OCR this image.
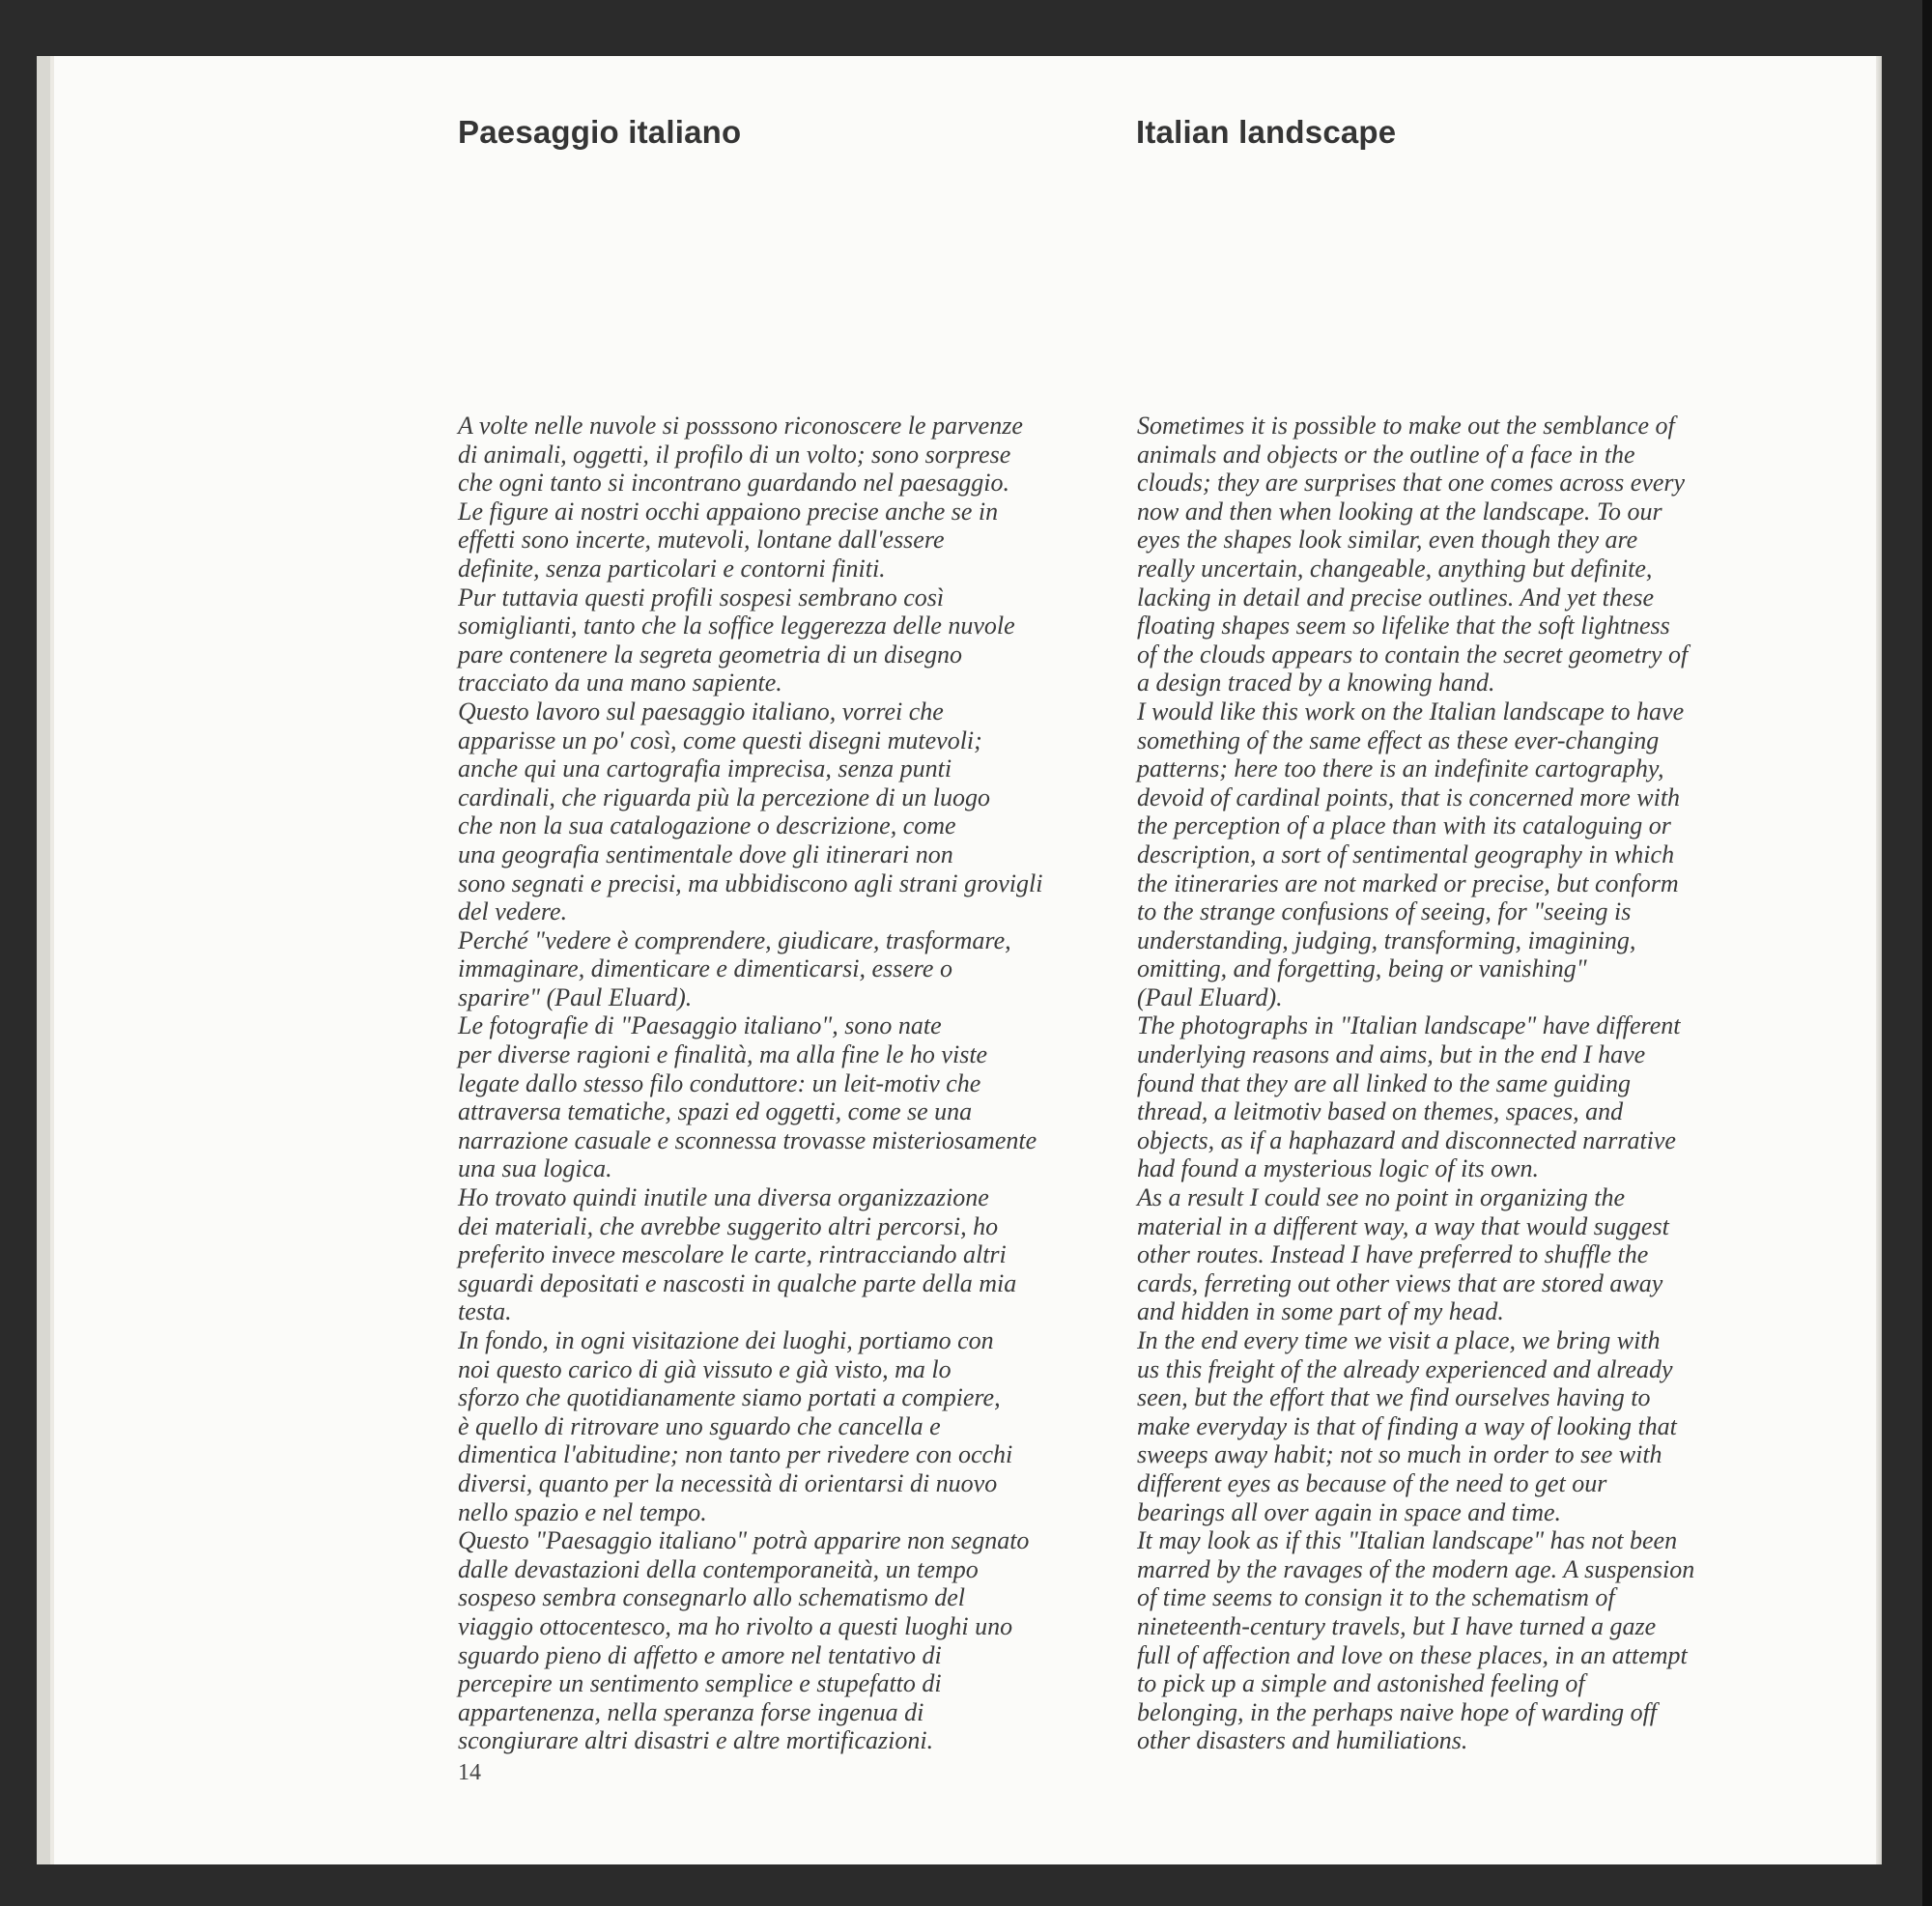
Paesaggio italiano	Italian landscape
A volte nelle nuvole si posssono riconoscere le parvenze
di animali, oggetti, il profilo di un volto; sono sorprese
che ogni tanto si incontrano guardando nel paesaggio.
Le figure ai nostri occhi appaiono precise anche se in
effetti sono incerte, mutevoli, lontane dall'essere
definite, senza particolari e contorni finiti.
Pur tuttavia questi profili sospesi sembrano così
somiglianti, tanto che la soffice leggerezza delle nuvole
pare contenere la segreta geometria di un disegno
tracciato da una mano sapiente.
Questo lavoro sul paesaggio italiano, vorrei che
apparisse un po' così, come questi disegni mutevoli;
anche qui una cartografia imprecisa, senza punti
cardinali, che riguarda più la percezione di un luogo
che non la sua catalogazione o descrizione, come
una geografia sentimentale dove gli itinerari non
sono segnati e precisi, ma ubbidiscono agli strani grovigli
del vedere.
Perché "vedere è comprendere, giudicare, trasformare,
immaginare, dimenticare e dimenticarsi, essere o
sparire" (Paul Eluard).
Le fotografie di "Paesaggio italiano", sono nate
per diverse ragioni e finalità, ma alla fine le ho viste
legate dallo stesso filo conduttore: un leit-motiv che
attraversa tematiche, spazi ed oggetti, come se una
narrazione casuale e sconnessa trovasse misteriosamente
una sua logica.
Ho trovato quindi inutile una diversa organizzazione
dei materiali, che avrebbe suggerito altri percorsi, ho
preferito invece mescolare le carte, rintracciando altri
sguardi depositati e nascosti in qualche parte della mia
testa.
In fondo, in ogni visitazione dei luoghi, portiamo con
noi questo carico di già vissuto e già visto, ma lo
sforzo che quotidianamente siamo portati a compiere,
è quello di ritrovare uno sguardo che cancella e
dimentica l'abitudine; non tanto per rivedere con occhi
diversi, quanto per la necessità di orientarsi di nuovo
nello spazio e nel tempo.
Questo "Paesaggio italiano" potrà apparire non segnato
dalle devastazioni della contemporaneità, un tempo
sospeso sembra consegnarlo allo schematismo del
viaggio ottocentesco, ma ho rivolto a questi luoghi uno
sguardo pieno di affetto e amore nel tentativo di
percepire un sentimento semplice e stupefatto di
appartenenza, nella speranza forse ingenua di
scongiurare altri disastri e altre mortificazioni.
Sometimes it is possible to make out the semblance of
animals and objects or the outline of a face in the
clouds; they are surprises that one comes across every
now and then when looking at the landscape. To our
eyes the shapes look similar, even though they are
really uncertain, changeable, anything but definite,
lacking in detail and precise outlines. And yet these
floating shapes seem so lifelike that the soft lightness
of the clouds appears to contain the secret geometry of
a design traced by a knowing hand.
I would like this work on the Italian landscape to have
something of the same effect as these ever-changing
patterns; here too there is an indefinite cartography,
devoid of cardinal points, that is concerned more with
the perception of a place than with its cataloguing or
description, a sort of sentimental geography in which
the itineraries are not marked or precise, but conform
to the strange confusions of seeing, for "seeing is
understanding, judging, transforming, imagining,
omitting, and forgetting, being or vanishing"
(Paul Eluard).
The photographs in "Italian landscape" have different
underlying reasons and aims, but in the end I have
found that they are all linked to the same guiding
thread, a leitmotiv based on themes, spaces, and
objects, as if a haphazard and disconnected narrative
had found a mysterious logic of its own.
As a result I could see no point in organizing the
material in a different way, a way that would suggest
other routes. Instead I have preferred to shuffle the
cards, ferreting out other views that are stored away
and hidden in some part of my head.
In the end every time we visit a place, we bring with
us this freight of the already experienced and already
seen, but the effort that we find ourselves having to
make everyday is that of finding a way of looking that
sweeps away habit; not so much in order to see with
different eyes as because of the need to get our
bearings all over again in space and time.
It may look as if this "Italian landscape" has not been
marred by the ravages of the modern age. A suspension
of time seems to consign it to the schematism of
nineteenth-century travels, but I have turned a gaze
full of affection and love on these places, in an attempt
to pick up a simple and astonished feeling of
belonging, in the perhaps naive hope of warding off
other disasters and humiliations.
14
